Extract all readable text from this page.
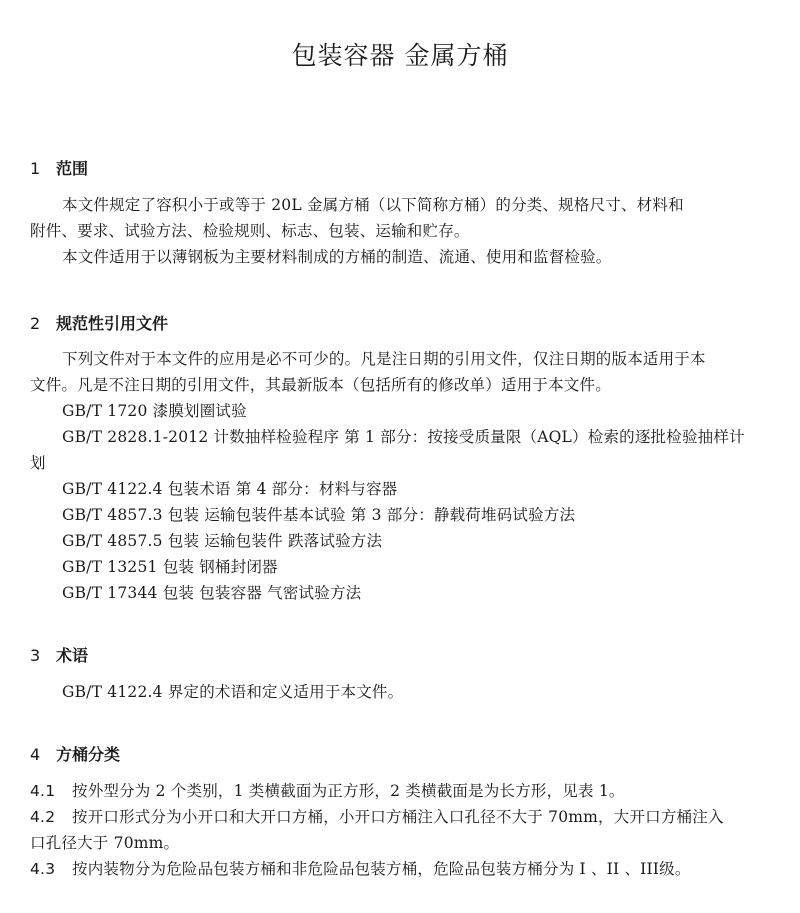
包装容器 金属方桶
1 范围
本文件规定了容积小于或等于 20L 金属方桶（以下简称方桶）的分类、规格尺寸、材料和
附件、要求、试验方法、检验规则、标志、包装、运输和贮存。
本文件适用于以薄钢板为主要材料制成的方桶的制造、流通、使用和监督检验。
2 规范性引用文件
下列文件对于本文件的应用是必不可少的。凡是注日期的引用文件，仅注日期的版本适用于本
文件。凡是不注日期的引用文件，其最新版本（包括所有的修改单）适用于本文件。
GB/T 1720 漆膜划圈试验
GB/T 2828.1-2012 计数抽样检验程序 第 1 部分：按接受质量限（AQL）检索的逐批检验抽样计
划
GB/T 4122.4 包装术语 第 4 部分：材料与容器
GB/T 4857.3 包装 运输包装件基本试验 第 3 部分：静载荷堆码试验方法
GB/T 4857.5 包装 运输包装件 跌落试验方法
GB/T 13251 包装 钢桶封闭器
GB/T 17344 包装 包装容器 气密试验方法
3 术语
GB/T 4122.4 界定的术语和定义适用于本文件。
4 方桶分类
4.1 按外型分为 2 个类别，1 类横截面为正方形，2 类横截面是为长方形，见表 1。
4.2 按开口形式分为小开口和大开口方桶，小开口方桶注入口孔径不大于 70mm，大开口方桶注入
口孔径大于 70mm。
4.3 按内装物分为危险品包装方桶和非危险品包装方桶，危险品包装方桶分为 I 、II 、III级。
